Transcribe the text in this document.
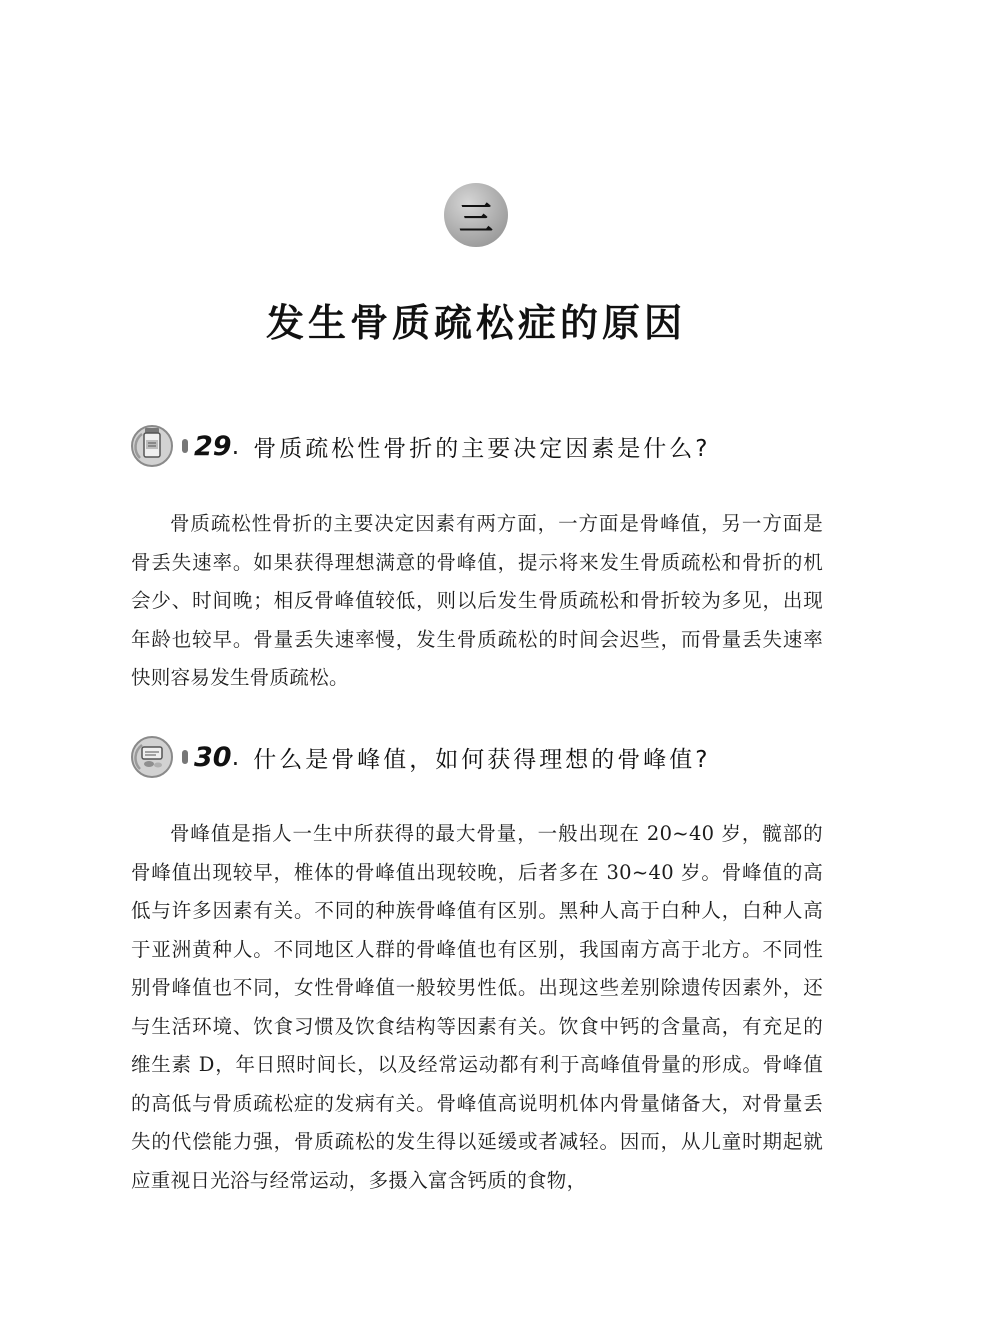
三
发生骨质疏松症的原因
29 . 骨质疏松性骨折的主要决定因素是什么?

骨质疏松性骨折的主要决定因素有两方面，一方面是骨峰值，另一方面是骨丢失速率。如果获得理想满意的骨峰值，提示将来发生骨质疏松和骨折的机会少、时间晚；相反骨峰值较低，则以后发生骨质疏松和骨折较为多见，出现年龄也较早。骨量丢失速率慢，发生骨质疏松的时间会迟些，而骨量丢失速率快则容易发生骨质疏松。

30 . 什么是骨峰值，如何获得理想的骨峰值?

骨峰值是指人一生中所获得的最大骨量，一般出现在 20~40 岁，髋部的骨峰值出现较早，椎体的骨峰值出现较晚，后者多在 30~40 岁。骨峰值的高低与许多因素有关。不同的种族骨峰值有区别。黑种人高于白种人，白种人高于亚洲黄种人。不同地区人群的骨峰值也有区别，我国南方高于北方。不同性别骨峰值也不同，女性骨峰值一般较男性低。出现这些差别除遗传因素外，还与生活环境、饮食习惯及饮食结构等因素有关。饮食中钙的含量高，有充足的维生素 D，年日照时间长，以及经常运动都有利于高峰值骨量的形成。骨峰值的高低与骨质疏松症的发病有关。骨峰值高说明机体内骨量储备大，对骨量丢失的代偿能力强，骨质疏松的发生得以延缓或者减轻。因而，从儿童时期起就应重视日光浴与经常运动，多摄入富含钙质的食物，
